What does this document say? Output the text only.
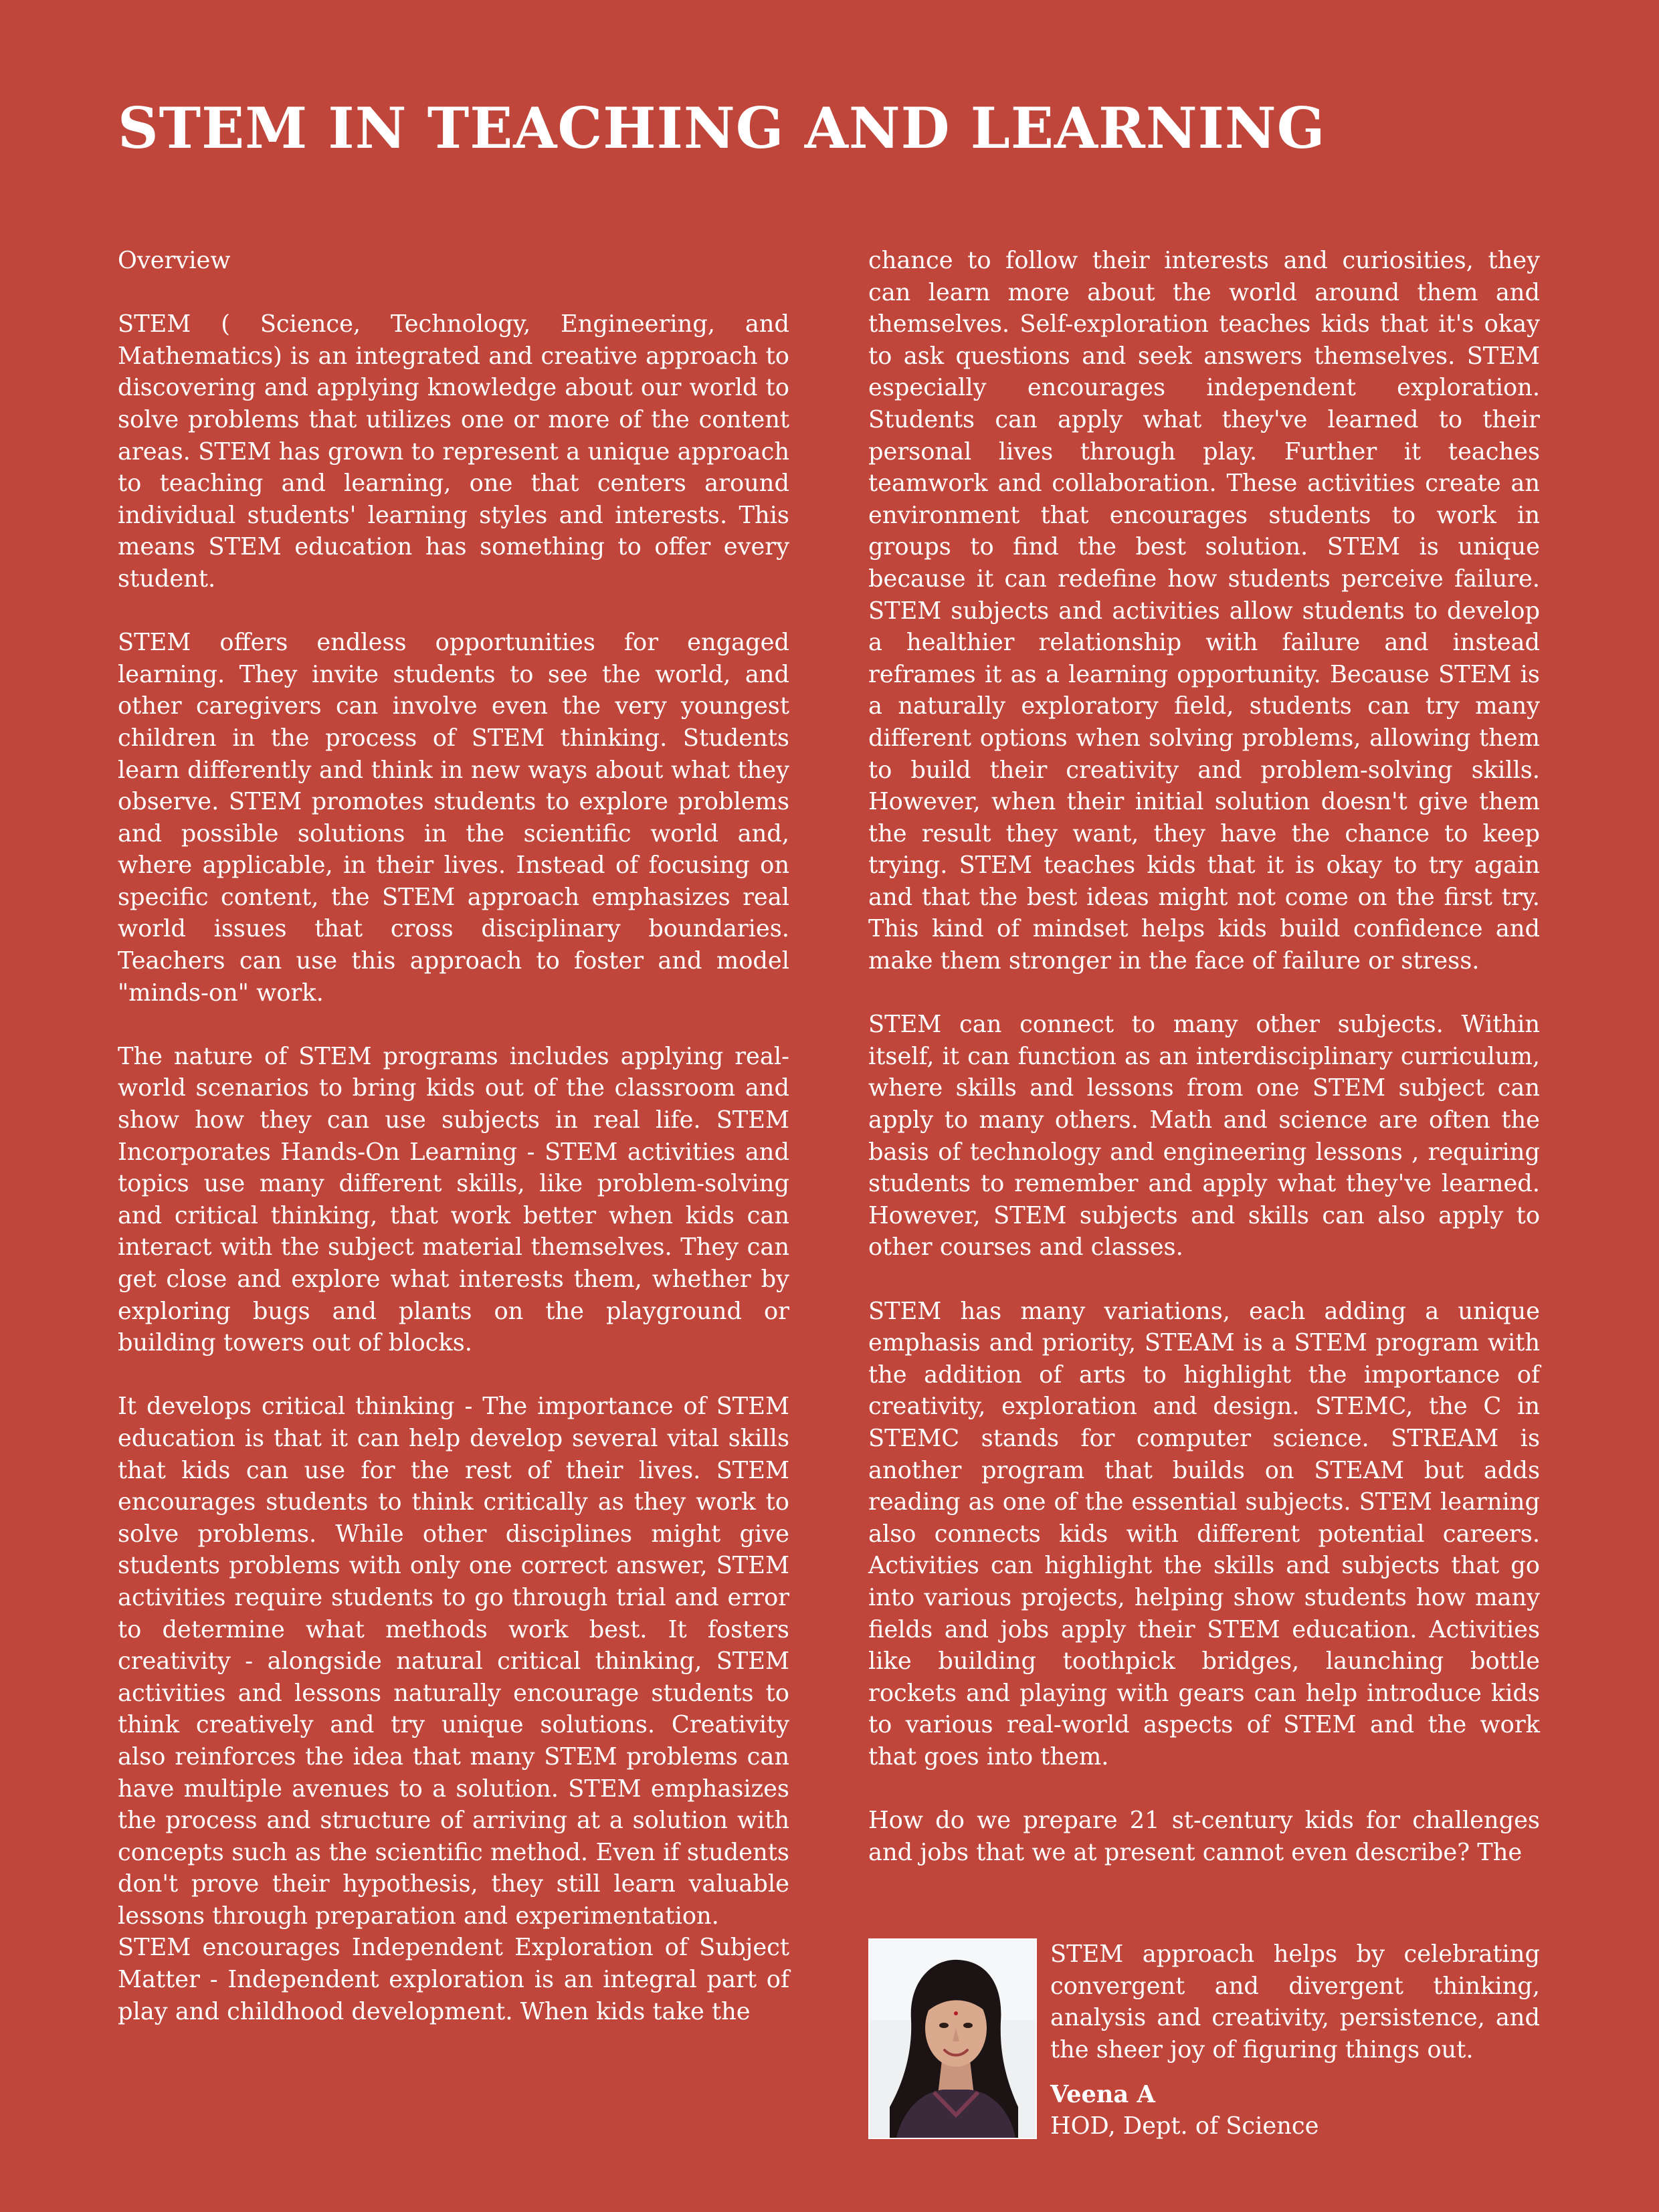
STEM IN TEACHING AND LEARNING

Overview

STEM ( Science, Technology, Engineering, and Mathematics) is an integrated and creative approach to discovering and applying knowledge about our world to solve problems that utilizes one or more of the content areas. STEM has grown to represent a unique approach to teaching and learning, one that centers around individual students' learning styles and interests. This means STEM education has something to offer every student.

STEM offers endless opportunities for engaged learning. They invite students to see the world, and other caregivers can involve even the very youngest children in the process of STEM thinking. Students learn differently and think in new ways about what they observe. STEM promotes students to explore problems and possible solutions in the scientific world and, where applicable, in their lives. Instead of focusing on specific content, the STEM approach emphasizes real world issues that cross disciplinary boundaries. Teachers can use this approach to foster and model "minds-on" work.

The nature of STEM programs includes applying real-world scenarios to bring kids out of the classroom and show how they can use subjects in real life. STEM Incorporates Hands-On Learning - STEM activities and topics use many different skills, like problem-solving and critical thinking, that work better when kids can interact with the subject material themselves. They can get close and explore what interests them, whether by exploring bugs and plants on the playground or building towers out of blocks.

It develops critical thinking - The importance of STEM education is that it can help develop several vital skills that kids can use for the rest of their lives. STEM encourages students to think critically as they work to solve problems. While other disciplines might give students problems with only one correct answer, STEM activities require students to go through trial and error to determine what methods work best. It fosters creativity - alongside natural critical thinking, STEM activities and lessons naturally encourage students to think creatively and try unique solutions. Creativity also reinforces the idea that many STEM problems can have multiple avenues to a solution. STEM emphasizes the process and structure of arriving at a solution with concepts such as the scientific method. Even if students don't prove their hypothesis, they still learn valuable lessons through preparation and experimentation.

STEM encourages Independent Exploration of Subject Matter - Independent exploration is an integral part of play and childhood development. When kids take the

chance to follow their interests and curiosities, they can learn more about the world around them and themselves. Self-exploration teaches kids that it's okay to ask questions and seek answers themselves. STEM especially encourages independent exploration. Students can apply what they've learned to their personal lives through play. Further it teaches teamwork and collaboration. These activities create an environment that encourages students to work in groups to find the best solution. STEM is unique because it can redefine how students perceive failure. STEM subjects and activities allow students to develop a healthier relationship with failure and instead reframes it as a learning opportunity. Because STEM is a naturally exploratory field, students can try many different options when solving problems, allowing them to build their creativity and problem-solving skills. However, when their initial solution doesn't give them the result they want, they have the chance to keep trying. STEM teaches kids that it is okay to try again and that the best ideas might not come on the first try. This kind of mindset helps kids build confidence and make them stronger in the face of failure or stress.

STEM can connect to many other subjects. Within itself, it can function as an interdisciplinary curriculum, where skills and lessons from one STEM subject can apply to many others. Math and science are often the basis of technology and engineering lessons , requiring students to remember and apply what they've learned. However, STEM subjects and skills can also apply to other courses and classes.

STEM has many variations, each adding a unique emphasis and priority, STEAM is a STEM program with the addition of arts to highlight the importance of creativity, exploration and design. STEMC, the C in STEMC stands for computer science. STREAM is another program that builds on STEAM but adds reading as one of the essential subjects. STEM learning also connects kids with different potential careers. Activities can highlight the skills and subjects that go into various projects, helping show students how many fields and jobs apply their STEM education. Activities like building toothpick bridges, launching bottle rockets and playing with gears can help introduce kids to various real-world aspects of STEM and the work that goes into them.

How do we prepare 21 st-century kids for challenges and jobs that we at present cannot even describe? The

STEM approach helps by celebrating convergent and divergent thinking, analysis and creativity, persistence, and the sheer joy of figuring things out.
Veena A
HOD, Dept. of Science
